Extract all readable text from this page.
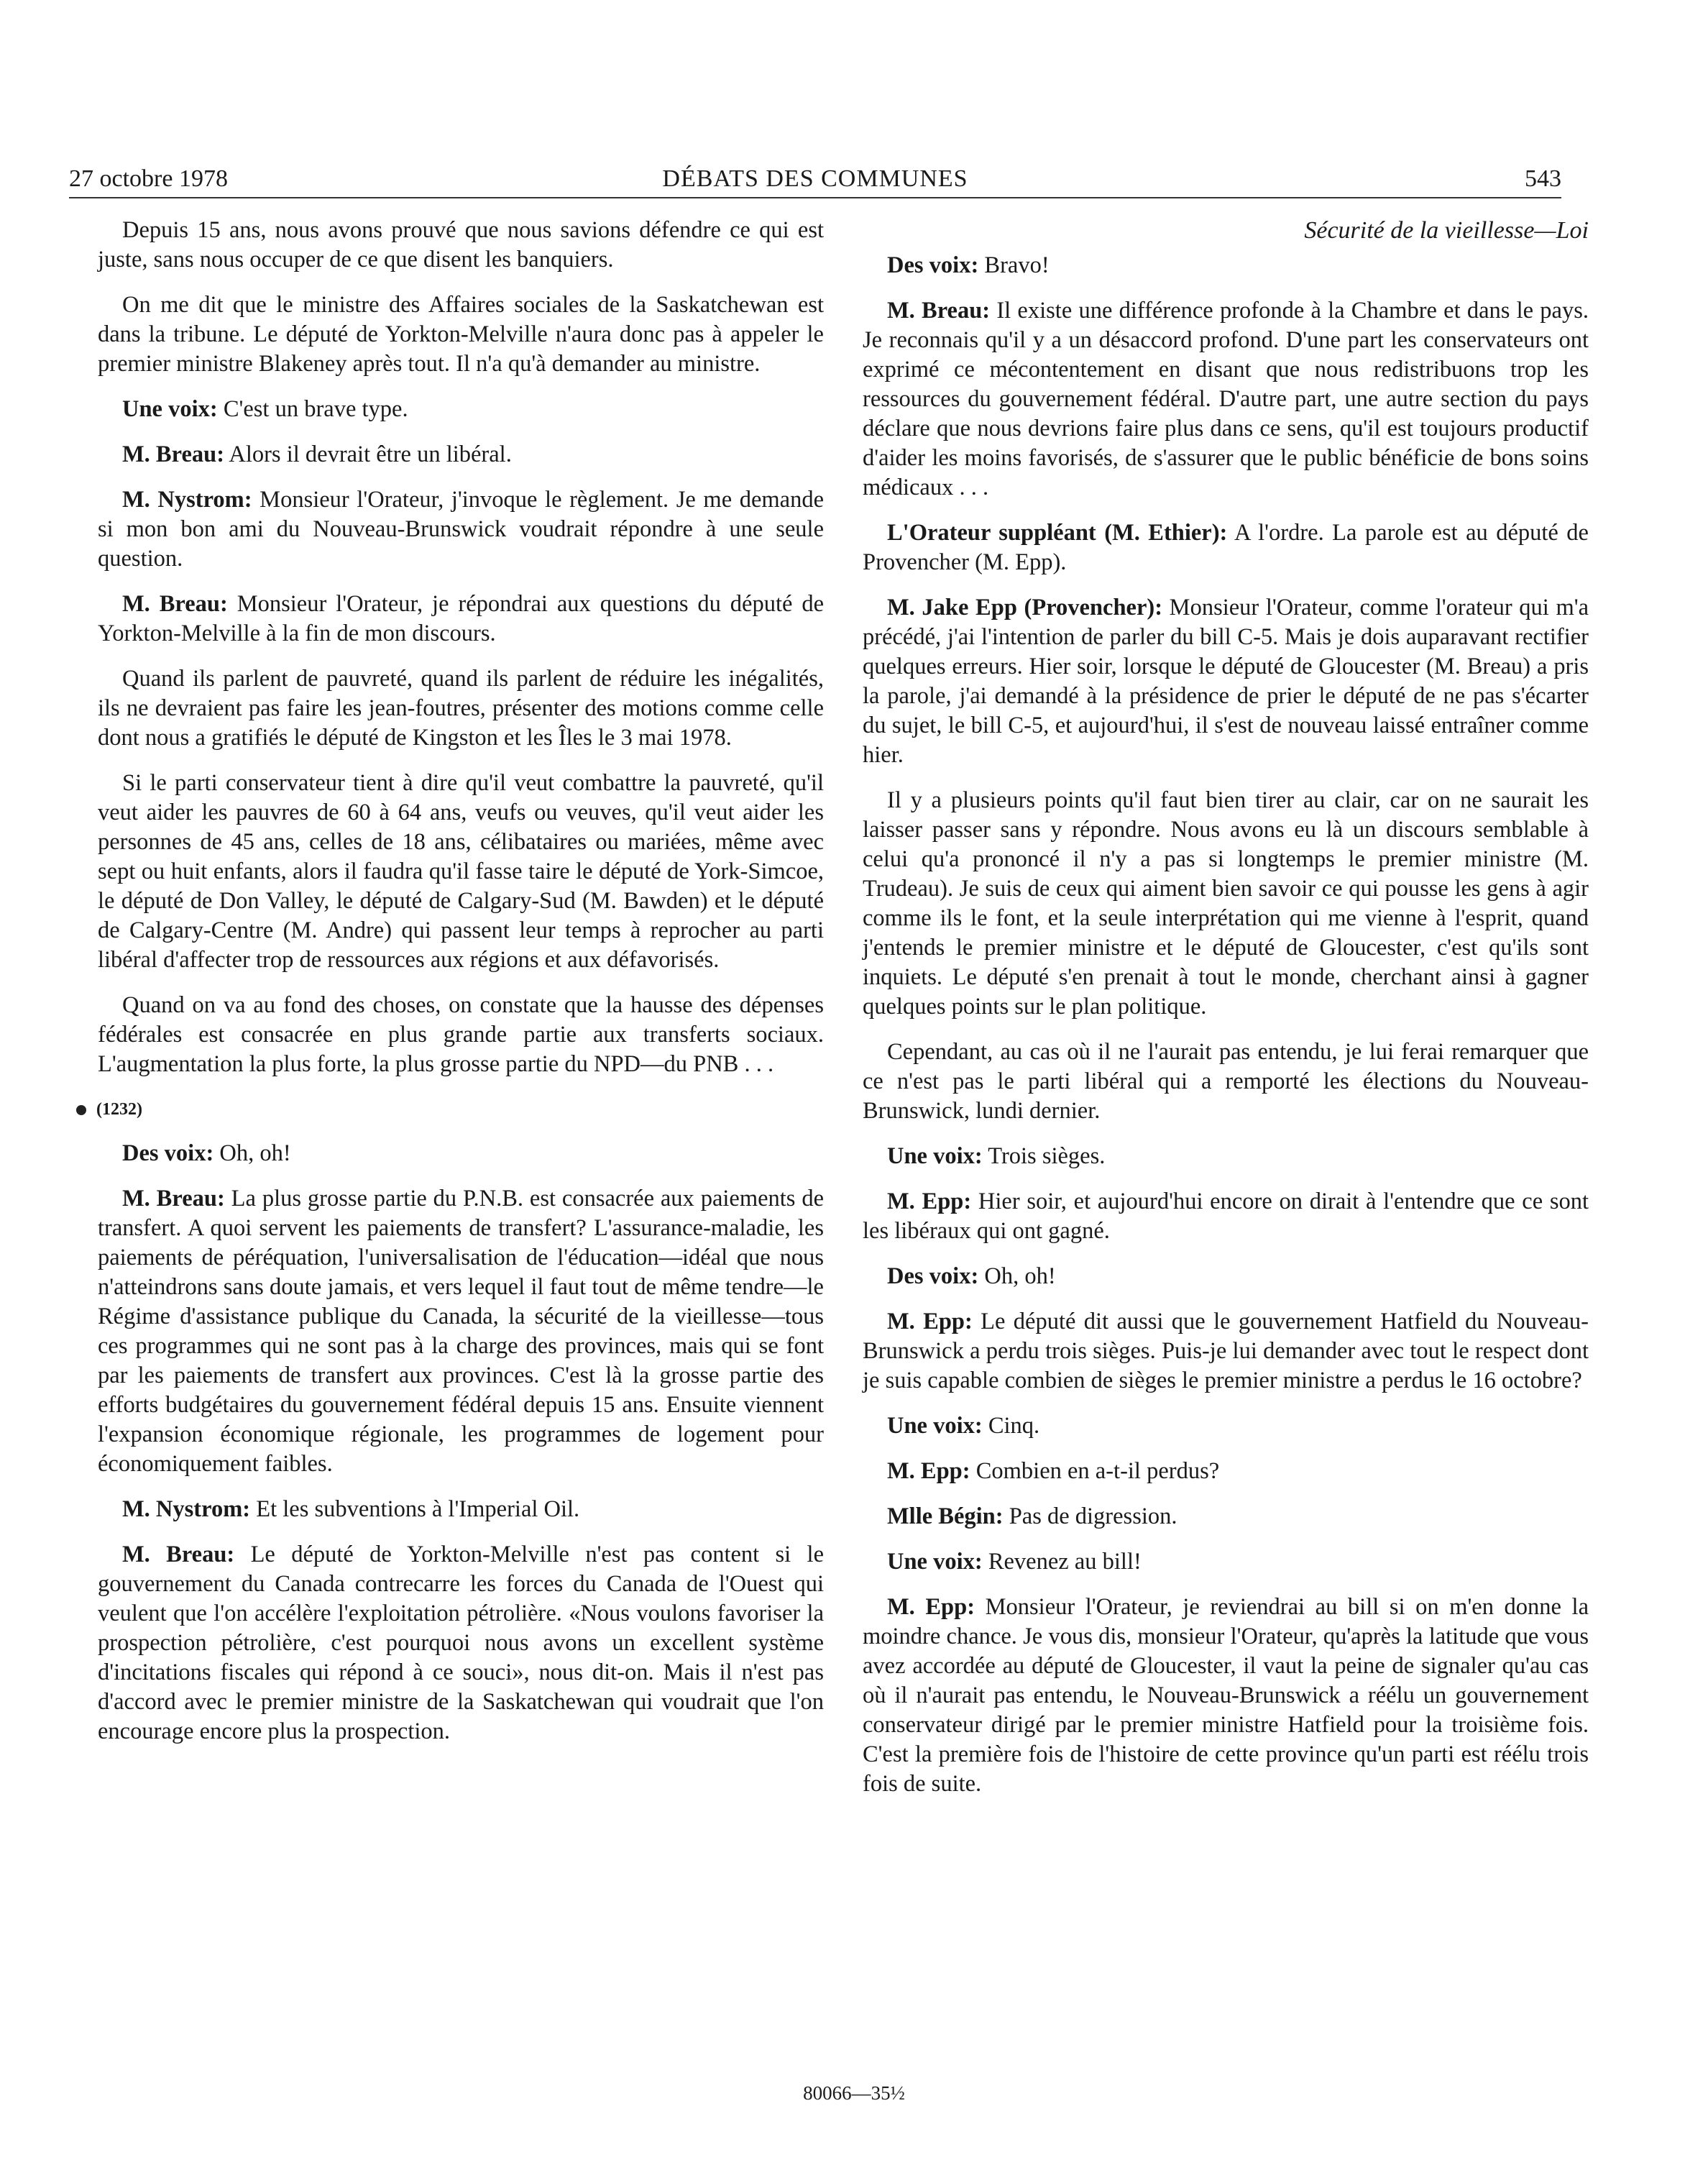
27 octobre 1978	DÉBATS DES COMMUNES	543

Depuis 15 ans, nous avons prouvé que nous savions défendre ce qui est juste, sans nous occuper de ce que disent les banquiers.

On me dit que le ministre des Affaires sociales de la Saskatchewan est dans la tribune. Le député de Yorkton-Melville n'aura donc pas à appeler le premier ministre Blakeney après tout. Il n'a qu'à demander au ministre.

Une voix: C'est un brave type.

M. Breau: Alors il devrait être un libéral.

M. Nystrom: Monsieur l'Orateur, j'invoque le règlement. Je me demande si mon bon ami du Nouveau-Brunswick voudrait répondre à une seule question.

M. Breau: Monsieur l'Orateur, je répondrai aux questions du député de Yorkton-Melville à la fin de mon discours.

Quand ils parlent de pauvreté, quand ils parlent de réduire les inégalités, ils ne devraient pas faire les jean-foutres, présenter des motions comme celle dont nous a gratifiés le député de Kingston et les Îles le 3 mai 1978.

Si le parti conservateur tient à dire qu'il veut combattre la pauvreté, qu'il veut aider les pauvres de 60 à 64 ans, veufs ou veuves, qu'il veut aider les personnes de 45 ans, celles de 18 ans, célibataires ou mariées, même avec sept ou huit enfants, alors il faudra qu'il fasse taire le député de York-Simcoe, le député de Don Valley, le député de Calgary-Sud (M. Bawden) et le député de Calgary-Centre (M. Andre) qui passent leur temps à reprocher au parti libéral d'affecter trop de ressources aux régions et aux défavorisés.

Quand on va au fond des choses, on constate que la hausse des dépenses fédérales est consacrée en plus grande partie aux transferts sociaux. L'augmentation la plus forte, la plus grosse partie du NPD—du PNB . . .

(1232)

Des voix: Oh, oh!

M. Breau: La plus grosse partie du P.N.B. est consacrée aux paiements de transfert. A quoi servent les paiements de transfert? L'assurance-maladie, les paiements de péréquation, l'universalisation de l'éducation—idéal que nous n'atteindrons sans doute jamais, et vers lequel il faut tout de même tendre—le Régime d'assistance publique du Canada, la sécurité de la vieillesse—tous ces programmes qui ne sont pas à la charge des provinces, mais qui se font par les paiements de transfert aux provinces. C'est là la grosse partie des efforts budgétaires du gouvernement fédéral depuis 15 ans. Ensuite viennent l'expansion économique régionale, les programmes de logement pour économiquement faibles.

M. Nystrom: Et les subventions à l'Imperial Oil.

M. Breau: Le député de Yorkton-Melville n'est pas content si le gouvernement du Canada contrecarre les forces du Canada de l'Ouest qui veulent que l'on accélère l'exploitation pétrolière. «Nous voulons favoriser la prospection pétrolière, c'est pourquoi nous avons un excellent système d'incitations fiscales qui répond à ce souci», nous dit-on. Mais il n'est pas d'accord avec le premier ministre de la Saskatchewan qui voudrait que l'on encourage encore plus la prospection.

Sécurité de la vieillesse—Loi

Des voix: Bravo!

M. Breau: Il existe une différence profonde à la Chambre et dans le pays. Je reconnais qu'il y a un désaccord profond. D'une part les conservateurs ont exprimé ce mécontentement en disant que nous redistribuons trop les ressources du gouvernement fédéral. D'autre part, une autre section du pays déclare que nous devrions faire plus dans ce sens, qu'il est toujours productif d'aider les moins favorisés, de s'assurer que le public bénéficie de bons soins médicaux . . .

L'Orateur suppléant (M. Ethier): A l'ordre. La parole est au député de Provencher (M. Epp).

M. Jake Epp (Provencher): Monsieur l'Orateur, comme l'orateur qui m'a précédé, j'ai l'intention de parler du bill C-5. Mais je dois auparavant rectifier quelques erreurs. Hier soir, lorsque le député de Gloucester (M. Breau) a pris la parole, j'ai demandé à la présidence de prier le député de ne pas s'écarter du sujet, le bill C-5, et aujourd'hui, il s'est de nouveau laissé entraîner comme hier.

Il y a plusieurs points qu'il faut bien tirer au clair, car on ne saurait les laisser passer sans y répondre. Nous avons eu là un discours semblable à celui qu'a prononcé il n'y a pas si longtemps le premier ministre (M. Trudeau). Je suis de ceux qui aiment bien savoir ce qui pousse les gens à agir comme ils le font, et la seule interprétation qui me vienne à l'esprit, quand j'entends le premier ministre et le député de Gloucester, c'est qu'ils sont inquiets. Le député s'en prenait à tout le monde, cherchant ainsi à gagner quelques points sur le plan politique.

Cependant, au cas où il ne l'aurait pas entendu, je lui ferai remarquer que ce n'est pas le parti libéral qui a remporté les élections du Nouveau-Brunswick, lundi dernier.

Une voix: Trois sièges.

M. Epp: Hier soir, et aujourd'hui encore on dirait à l'entendre que ce sont les libéraux qui ont gagné.

Des voix: Oh, oh!

M. Epp: Le député dit aussi que le gouvernement Hatfield du Nouveau-Brunswick a perdu trois sièges. Puis-je lui demander avec tout le respect dont je suis capable combien de sièges le premier ministre a perdus le 16 octobre?

Une voix: Cinq.

M. Epp: Combien en a-t-il perdus?

Mlle Bégin: Pas de digression.

Une voix: Revenez au bill!

M. Epp: Monsieur l'Orateur, je reviendrai au bill si on m'en donne la moindre chance. Je vous dis, monsieur l'Orateur, qu'après la latitude que vous avez accordée au député de Gloucester, il vaut la peine de signaler qu'au cas où il n'aurait pas entendu, le Nouveau-Brunswick a réélu un gouvernement conservateur dirigé par le premier ministre Hatfield pour la troisième fois. C'est la première fois de l'histoire de cette province qu'un parti est réélu trois fois de suite.

80066—35½
